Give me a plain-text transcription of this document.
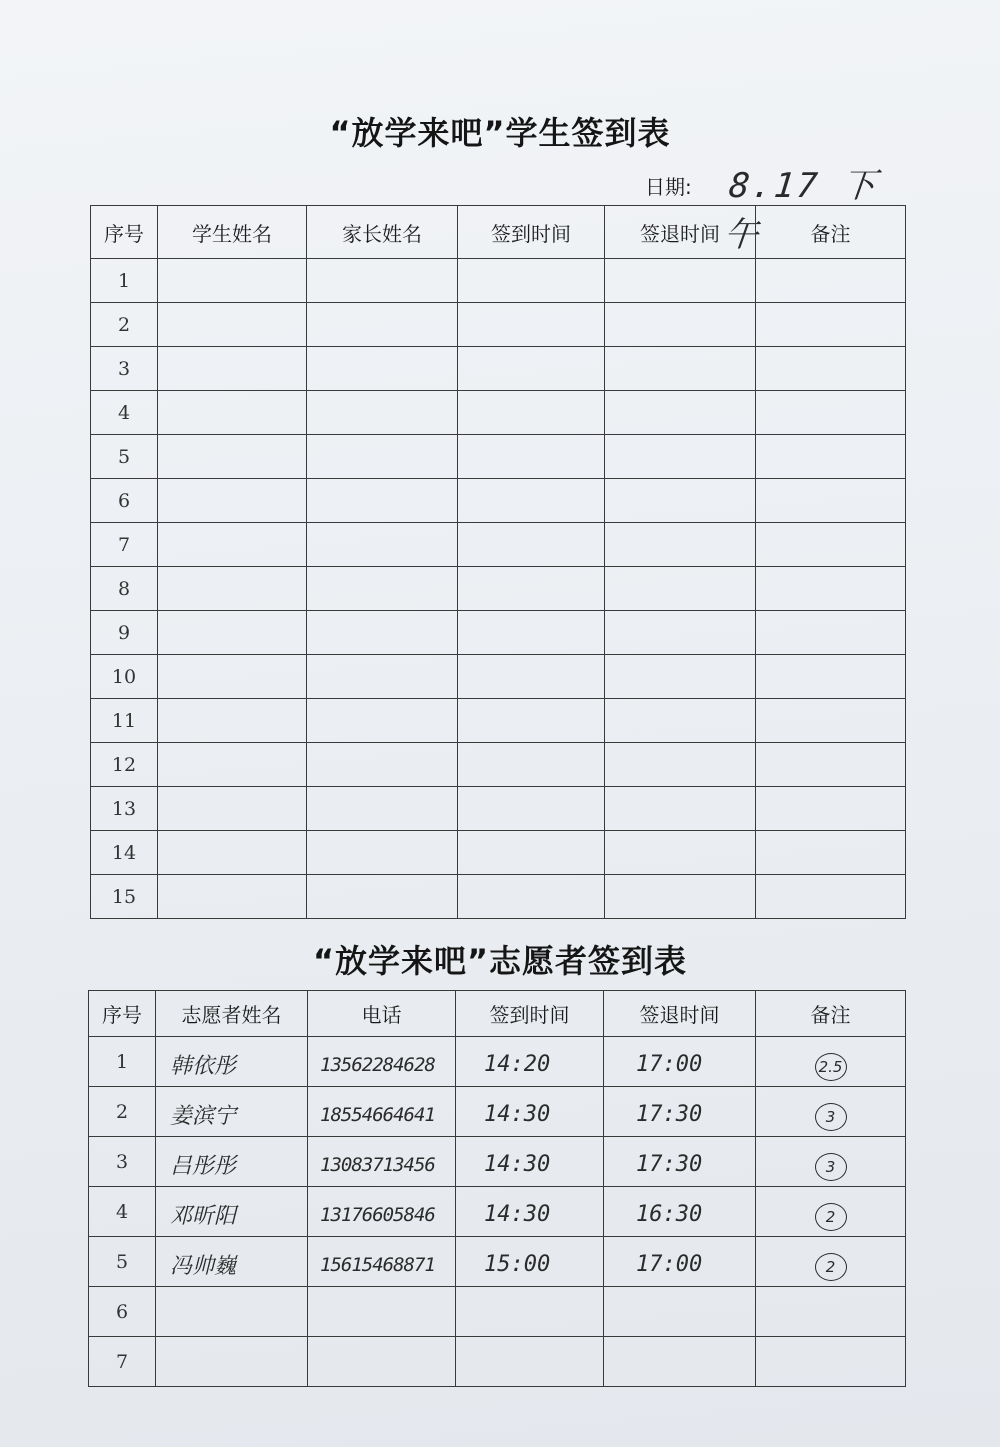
“放学来吧”学生签到表
日期: 8.17 下午
序号	学生姓名	家长姓名	签到时间	签退时间	备注
1					
2					
3					
4					
5					
6					
7					
8					
9					
10					
11					
12					
13					
14					
15					
“放学来吧”志愿者签到表
序号	志愿者姓名	电话	签到时间	签退时间	备注
1	韩依彤	13562284628	14:20	17:00	2.5
2	姜滨宁	18554664641	14:30	17:30	3
3	吕彤彤	13083713456	14:30	17:30	3
4	邓昕阳	13176605846	14:30	16:30	2
5	冯帅巍	15615468871	15:00	17:00	2
6					
7					
